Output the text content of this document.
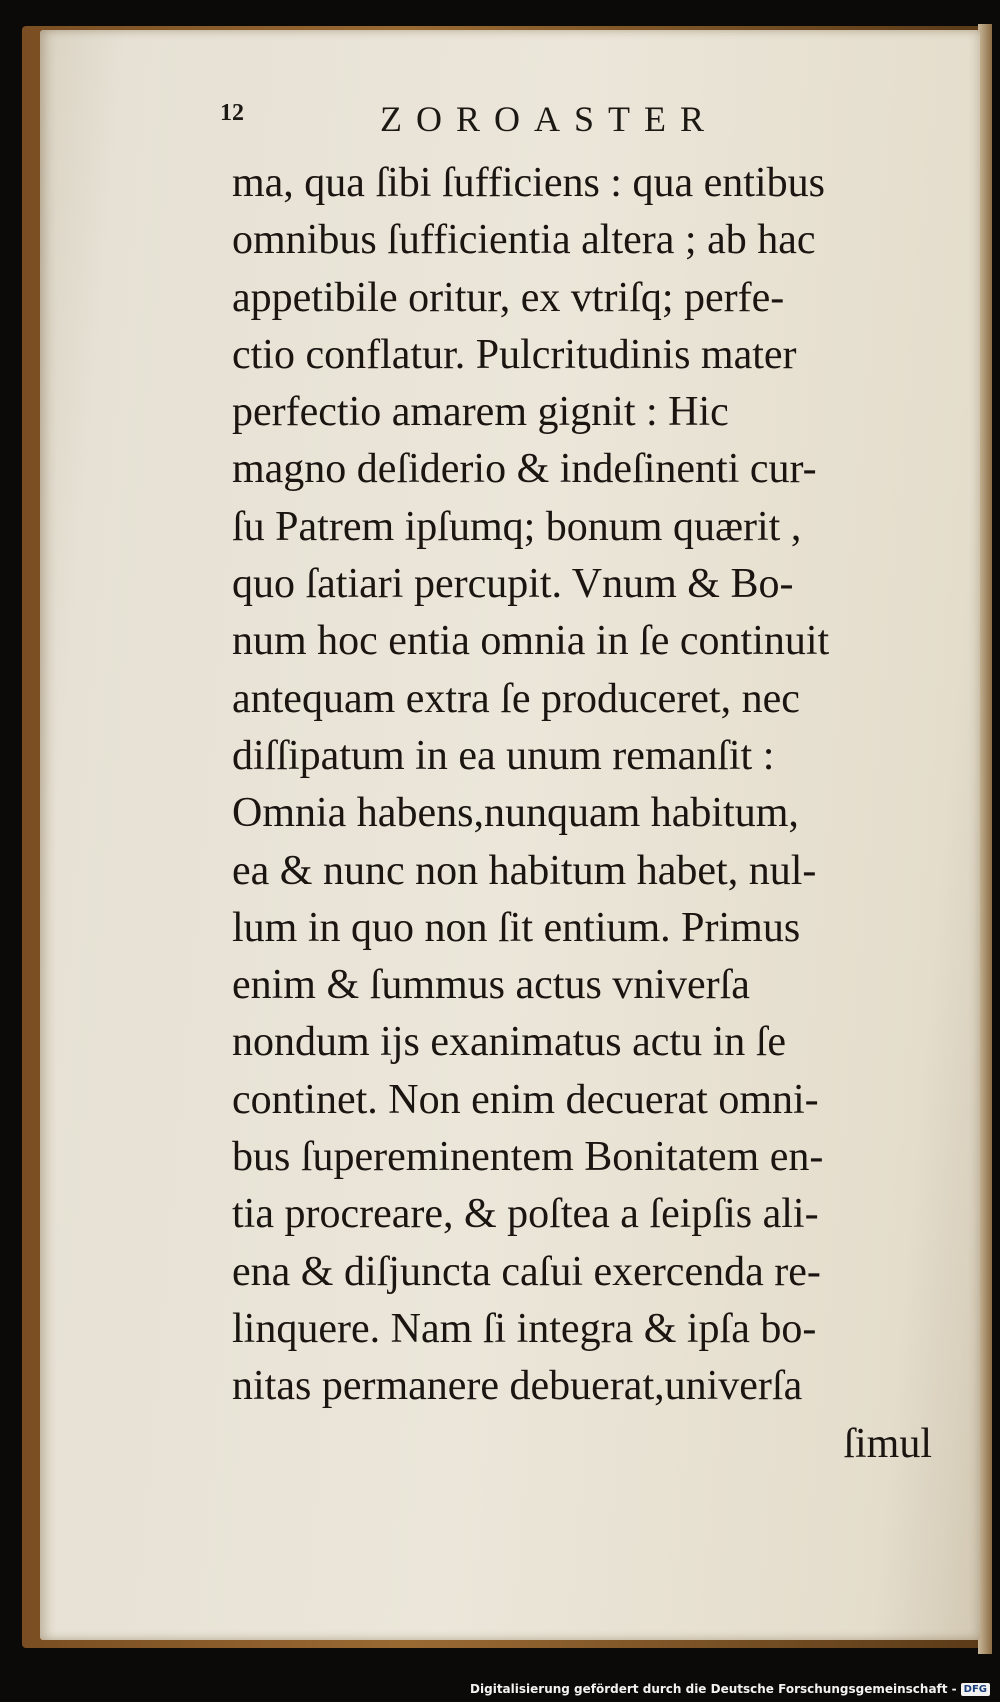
12	ZOROASTER
ma, qua ſibi ſufficiens : qua entibus
omnibus ſufficientia altera ; ab hac
appetibile oritur, ex vtriſq; perfe-
ctio conflatur. Pulcritudinis mater
perfectio amarem gignit : Hic
magno deſiderio & indeſinenti cur-
ſu Patrem ipſumq; bonum quærit ,
quo ſatiari percupit. Vnum & Bo-
num hoc entia omnia in ſe continuit
antequam extra ſe produceret, nec
diſſipatum in ea unum remanſit :
Omnia habens,nunquam habitum,
ea & nunc non habitum habet, nul-
lum in quo non ſit entium. Primus
enim & ſummus actus vniverſa
nondum ijs exanimatus actu in ſe
continet. Non enim decuerat omni-
bus ſupereminentem Bonitatem en-
tia procreare, & poſtea a ſeipſis ali-
ena & diſjuncta caſui exercenda re-
linquere. Nam ſi integra & ipſa bo-
nitas permanere debuerat,univerſa
ſimul
Digitalisierung gefördert durch die Deutsche Forschungsgemeinschaft - DFG
